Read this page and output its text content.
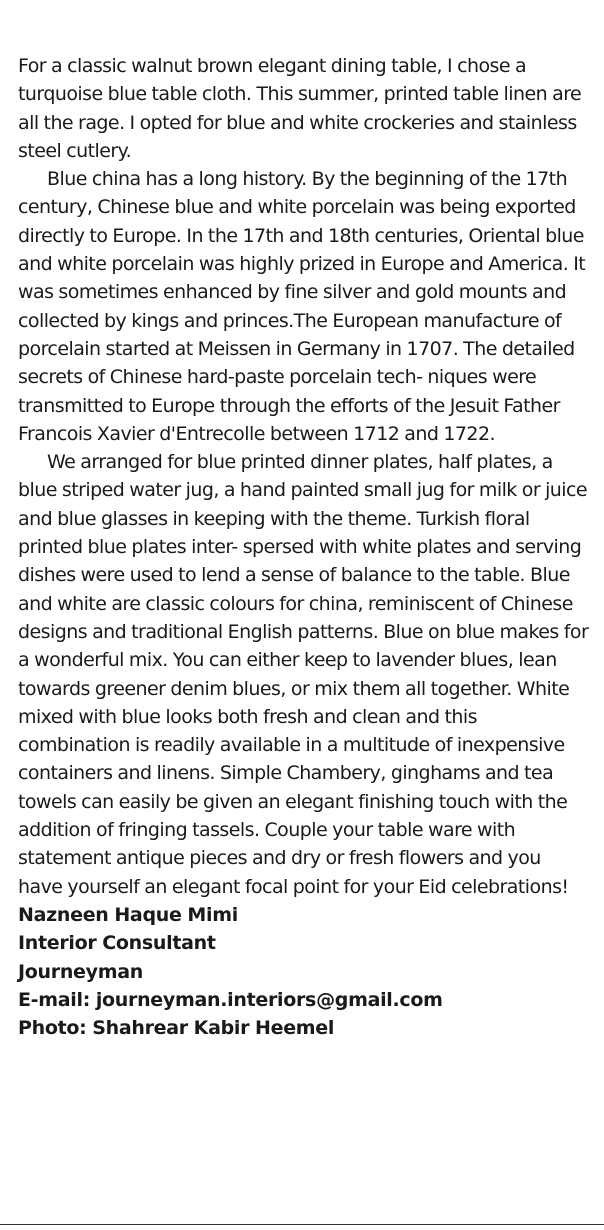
For a classic walnut brown elegant dining table, I chose a turquoise blue table cloth. This summer, printed table linen are all the rage. I opted for blue and white crockeries and stainless steel cutlery.

Blue china has a long history. By the beginning of the 17th century, Chinese blue and white porcelain was being exported directly to Europe. In the 17th and 18th centuries, Oriental blue and white porcelain was highly prized in Europe and America. It was sometimes enhanced by fine silver and gold mounts and collected by kings and princes.The European manufacture of porcelain started at Meissen in Germany in 1707. The detailed secrets of Chinese hard-paste porcelain tech- niques were transmitted to Europe through the efforts of the Jesuit Father Francois Xavier d'Entrecolle between 1712 and 1722.

We arranged for blue printed dinner plates, half plates, a blue striped water jug, a hand painted small jug for milk or juice and blue glasses in keeping with the theme. Turkish floral printed blue plates inter- spersed with white plates and serving dishes were used to lend a sense of balance to the table. Blue and white are classic colours for china, reminiscent of Chinese designs and traditional English patterns. Blue on blue makes for a wonderful mix. You can either keep to lavender blues, lean towards greener denim blues, or mix them all together. White mixed with blue looks both fresh and clean and this combination is readily available in a multitude of inexpensive containers and linens. Simple Chambery, ginghams and tea towels can easily be given an elegant finishing touch with the addition of fringing tassels. Couple your table ware with statement antique pieces and dry or fresh flowers and you have yourself an elegant focal point for your Eid celebrations!

Nazneen Haque Mimi
Interior Consultant
Journeyman
E-mail: journeyman.interiors@gmail.com
Photo: Shahrear Kabir Heemel
